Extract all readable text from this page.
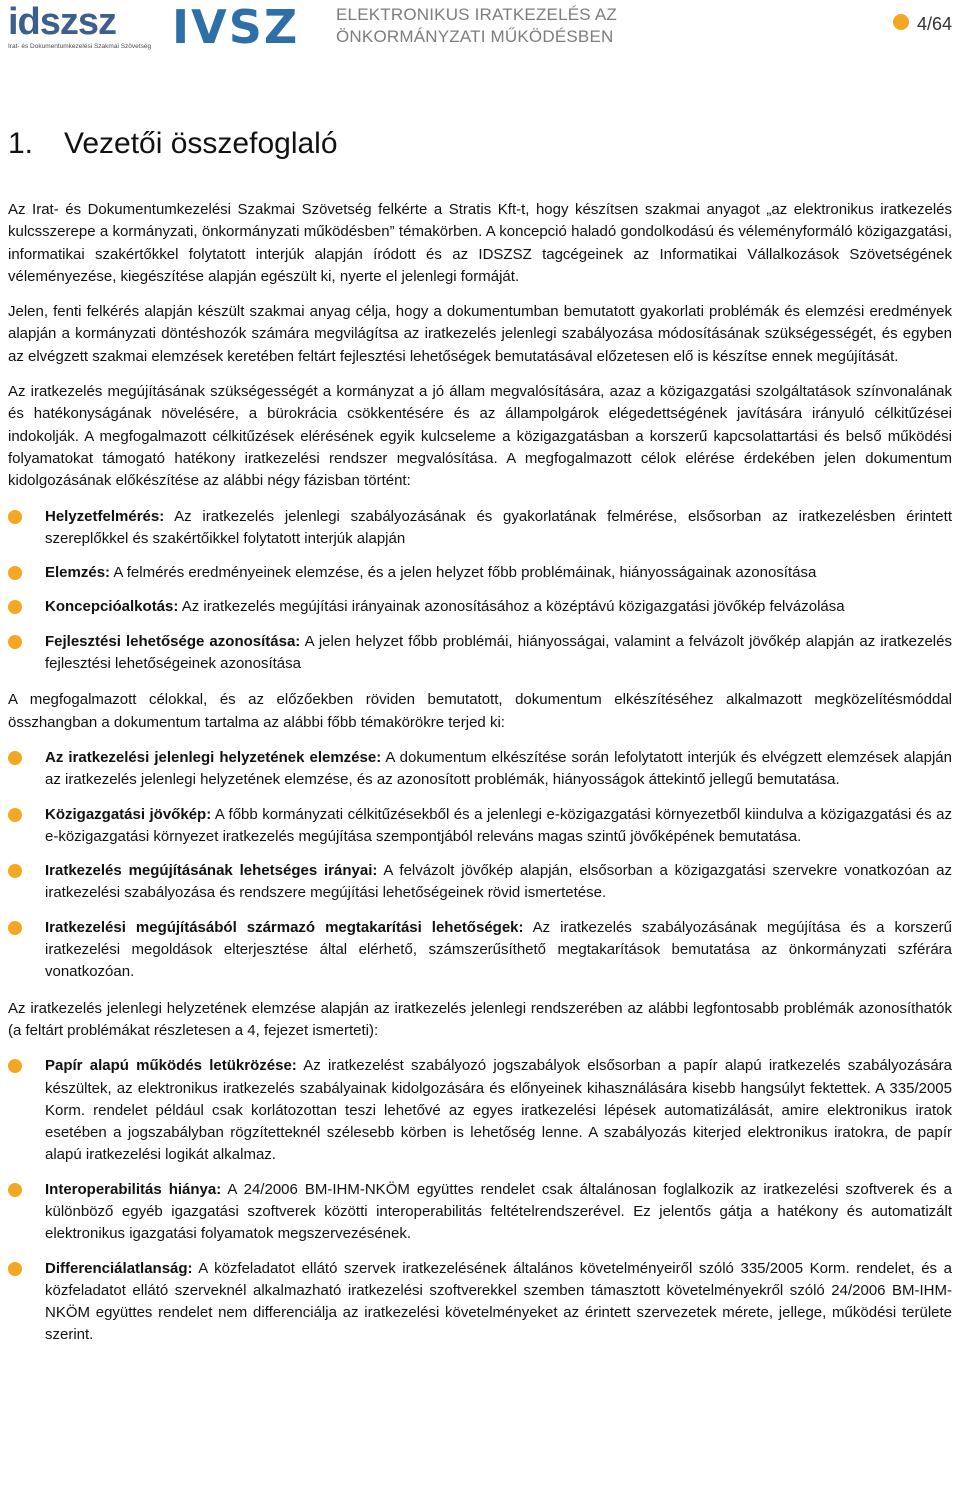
idszsz
Irat- és Dokumentumkezelési Szakmai Szövetség IVSZ ELEKTRONIKUS IRATKEZELÉS AZ
ÖNKORMÁNYZATI MŰKÖDÉSBEN
4/64
1. Vezetői összefoglaló

Az Irat- és Dokumentumkezelési Szakmai Szövetség felkérte a Stratis Kft-t, hogy készítsen szakmai anyagot „az elektronikus iratkezelés kulcsszerepe a kormányzati, önkormányzati működésben” témakörben. A koncepció haladó gondolkodású és véleményformáló közigazgatási, informatikai szakértőkkel folytatott interjúk alapján íródott és az IDSZSZ tagcégeinek az Informatikai Vállalkozások Szövetségének véleményezése, kiegészítése alapján egészült ki, nyerte el jelenlegi formáját.

Jelen, fenti felkérés alapján készült szakmai anyag célja, hogy a dokumentumban bemutatott gyakorlati problémák és elemzési eredmények alapján a kormányzati döntéshozók számára megvilágítsa az iratkezelés jelenlegi szabályozása módosításának szükségességét, és egyben az elvégzett szakmai elemzések keretében feltárt fejlesztési lehetőségek bemutatásával előzetesen elő is készítse ennek megújítását.

Az iratkezelés megújításának szükségességét a kormányzat a jó állam megvalósítására, azaz a közigazgatási szolgáltatások színvonalának és hatékonyságának növelésére, a bürokrácia csökkentésére és az állampolgárok elégedettségének javítására irányuló célkitűzései indokolják. A megfogalmazott célkitűzések elérésének egyik kulcseleme a közigazgatásban a korszerű kapcsolattartási és belső működési folyamatokat támogató hatékony iratkezelési rendszer megvalósítása. A megfogalmazott célok elérése érdekében jelen dokumentum kidolgozásának előkészítése az alábbi négy fázisban történt:

Helyzetfelmérés: Az iratkezelés jelenlegi szabályozásának és gyakorlatának felmérése, elsősorban az iratkezelésben érintett szereplőkkel és szakértőikkel folytatott interjúk alapján
Elemzés: A felmérés eredményeinek elemzése, és a jelen helyzet főbb problémáinak, hiányosságainak azonosítása
Koncepcióalkotás: Az iratkezelés megújítási irányainak azonosításához a középtávú közigazgatási jövőkép felvázolása
Fejlesztési lehetősége azonosítása: A jelen helyzet főbb problémái, hiányosságai, valamint a felvázolt jövőkép alapján az iratkezelés fejlesztési lehetőségeinek azonosítása

A megfogalmazott célokkal, és az előzőekben röviden bemutatott, dokumentum elkészítéséhez alkalmazott megközelítésmóddal összhangban a dokumentum tartalma az alábbi főbb témakörökre terjed ki:

Az iratkezelési jelenlegi helyzetének elemzése: A dokumentum elkészítése során lefolytatott interjúk és elvégzett elemzések alapján az iratkezelés jelenlegi helyzetének elemzése, és az azonosított problémák, hiányosságok áttekintő jellegű bemutatása.
Közigazgatási jövőkép: A főbb kormányzati célkitűzésekből és a jelenlegi e-közigazgatási környezetből kiindulva a közigazgatási és az e-közigazgatási környezet iratkezelés megújítása szempontjából releváns magas szintű jövőképének bemutatása.
Iratkezelés megújításának lehetséges irányai: A felvázolt jövőkép alapján, elsősorban a közigazgatási szervekre vonatkozóan az iratkezelési szabályozása és rendszere megújítási lehetőségeinek rövid ismertetése.
Iratkezelési megújításából származó megtakarítási lehetőségek: Az iratkezelés szabályozásának megújítása és a korszerű iratkezelési megoldások elterjesztése által elérhető, számszerűsíthető megtakarítások bemutatása az önkormányzati szférára vonatkozóan.

Az iratkezelés jelenlegi helyzetének elemzése alapján az iratkezelés jelenlegi rendszerében az alábbi legfontosabb problémák azonosíthatók (a feltárt problémákat részletesen a 4, fejezet ismerteti):

Papír alapú működés letükrözése: Az iratkezelést szabályozó jogszabályok elsősorban a papír alapú iratkezelés szabályozására készültek, az elektronikus iratkezelés szabályainak kidolgozására és előnyeinek kihasználására kisebb hangsúlyt fektettek. A 335/2005 Korm. rendelet például csak korlátozottan teszi lehetővé az egyes iratkezelési lépések automatizálását, amire elektronikus iratok esetében a jogszabályban rögzítetteknél szélesebb körben is lehetőség lenne. A szabályozás kiterjed elektronikus iratokra, de papír alapú iratkezelési logikát alkalmaz.
Interoperabilitás hiánya: A 24/2006 BM-IHM-NKÖM együttes rendelet csak általánosan foglalkozik az iratkezelési szoftverek és a különböző egyéb igazgatási szoftverek közötti interoperabilitás feltételrendszerével. Ez jelentős gátja a hatékony és automatizált elektronikus igazgatási folyamatok megszervezésének.
Differenciálatlanság: A közfeladatot ellátó szervek iratkezelésének általános követelményeiről szóló 335/2005 Korm. rendelet, és a közfeladatot ellátó szerveknél alkalmazható iratkezelési szoftverekkel szemben támasztott követelményekről szóló 24/2006 BM-IHM-NKÖM együttes rendelet nem differenciálja az iratkezelési követelményeket az érintett szervezetek mérete, jellege, működési területe szerint.
